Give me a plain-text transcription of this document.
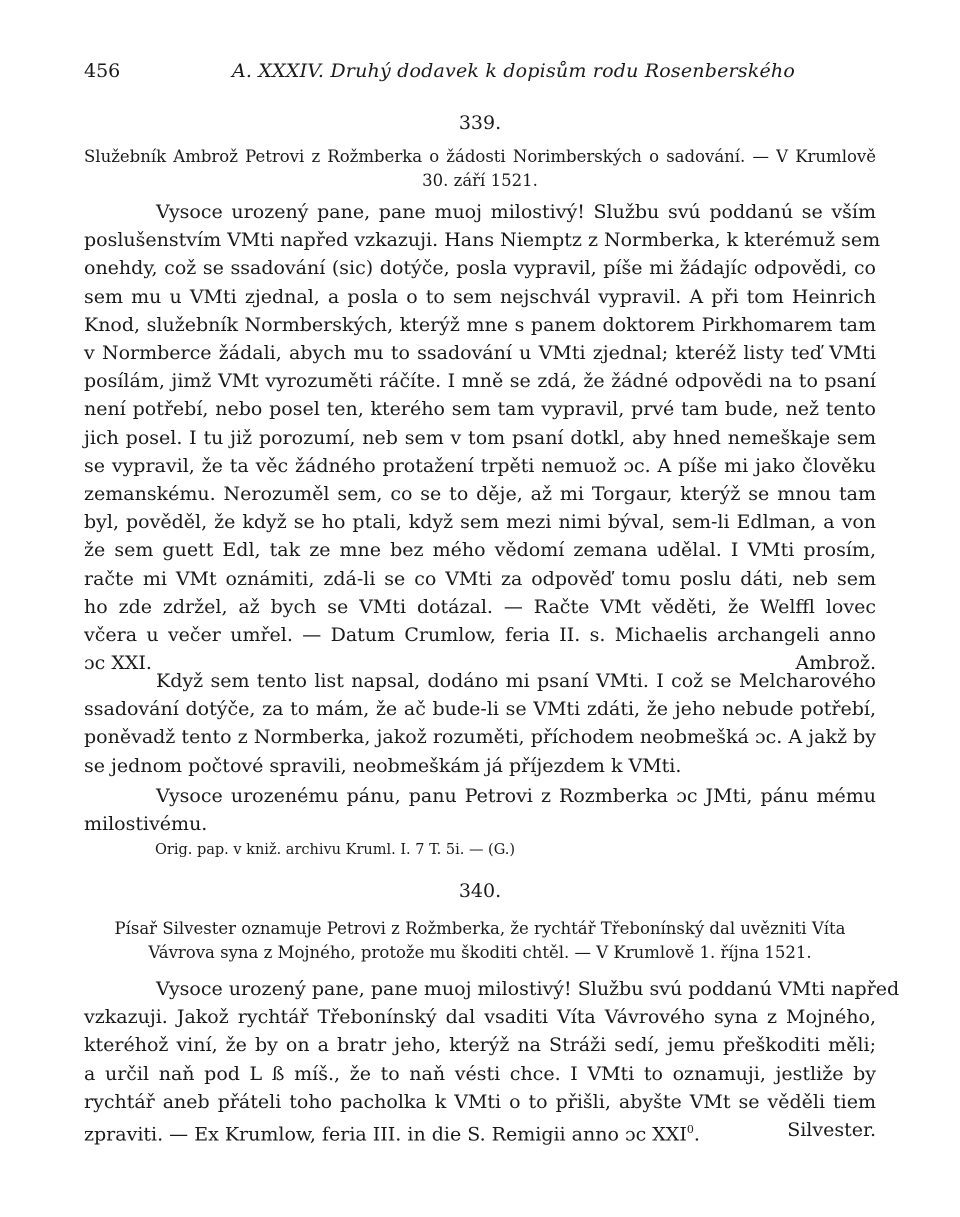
456	A. XXXIV. Druhý dodavek k dopisům rodu Rosenberského
339.
Služebník Ambrož Petrovi z Rožmberka o žádosti Norimberských o sadování. — V Krumlově
30. září 1521.
Vysoce urozený pane, pane muoj milostivý! Službu svú poddanú se vším
poslušenstvím VMti napřed vzkazuji. Hans Niemptz z Normberka, k kterémuž sem
onehdy, což se ssadování (sic) dotýče, posla vypravil, píše mi žádajíc odpovědi, co
sem mu u VMti zjednal, a posla o to sem nejschvál vypravil. A při tom Heinrich
Knod, služebník Normberských, kterýž mne s panem doktorem Pirkhomarem tam
v Normberce žádali, abych mu to ssadování u VMti zjednal; kteréž listy teď VMti
posílám, jimž VMt vyrozuměti ráčíte. I mně se zdá, že žádné odpovědi na to psaní
není potřebí, nebo posel ten, kterého sem tam vypravil, prvé tam bude, než tento
jich posel. I tu již porozumí, neb sem v tom psaní dotkl, aby hned nemeškaje sem
se vypravil, že ta věc žádného protažení trpěti nemuož ɔc. A píše mi jako člověku
zemanskému. Nerozuměl sem, co se to děje, až mi Torgaur, kterýž se mnou tam
byl, pověděl, že když se ho ptali, když sem mezi nimi býval, sem-li Edlman, a von
že sem guett Edl, tak ze mne bez mého vědomí zemana udělal. I VMti prosím,
račte mi VMt oznámiti, zdá-li se co VMti za odpověď tomu poslu dáti, neb sem
ho zde zdržel, až bych se VMti dotázal. — Račte VMt věděti, že Welffl lovec
včera u večer umřel. — Datum Crumlow, feria II. s. Michaelis archangeli anno
ɔc XXI.	Ambrož.
Když sem tento list napsal, dodáno mi psaní VMti. I což se Melcharového
ssadování dotýče, za to mám, že ač bude-li se VMti zdáti, že jeho nebude potřebí,
poněvadž tento z Normberka, jakož rozuměti, příchodem neobmešká ɔc. A jakž by
se jednom počtové spravili, neobmeškám já příjezdem k VMti.
Vysoce urozenému pánu, panu Petrovi z Rozmberka ɔc JMti, pánu mému
milostivému.
Orig. pap. v kniž. archivu Kruml. I. 7 T. 5i. — (G.)
340.
Písař Silvester oznamuje Petrovi z Rožmberka, že rychtář Třebonínský dal uvězniti Víta
Vávrova syna z Mojného, protože mu škoditi chtěl. — V Krumlově 1. října 1521.
Vysoce urozený pane, pane muoj milostivý! Službu svú poddanú VMti napřed
vzkazuji. Jakož rychtář Třebonínský dal vsaditi Víta Vávrového syna z Mojného,
kteréhož viní, že by on a bratr jeho, kterýž na Stráži sedí, jemu přeškoditi měli;
a určil naň pod L ß míš., že to naň vésti chce. I VMti to oznamuji, jestliže by
rychtář aneb přáteli toho pacholka k VMti o to přišli, abyšte VMt se věděli tiem
zpraviti. — Ex Krumlow, feria III. in die S. Remigii anno ɔc XXI$^0$.	Silvester.
